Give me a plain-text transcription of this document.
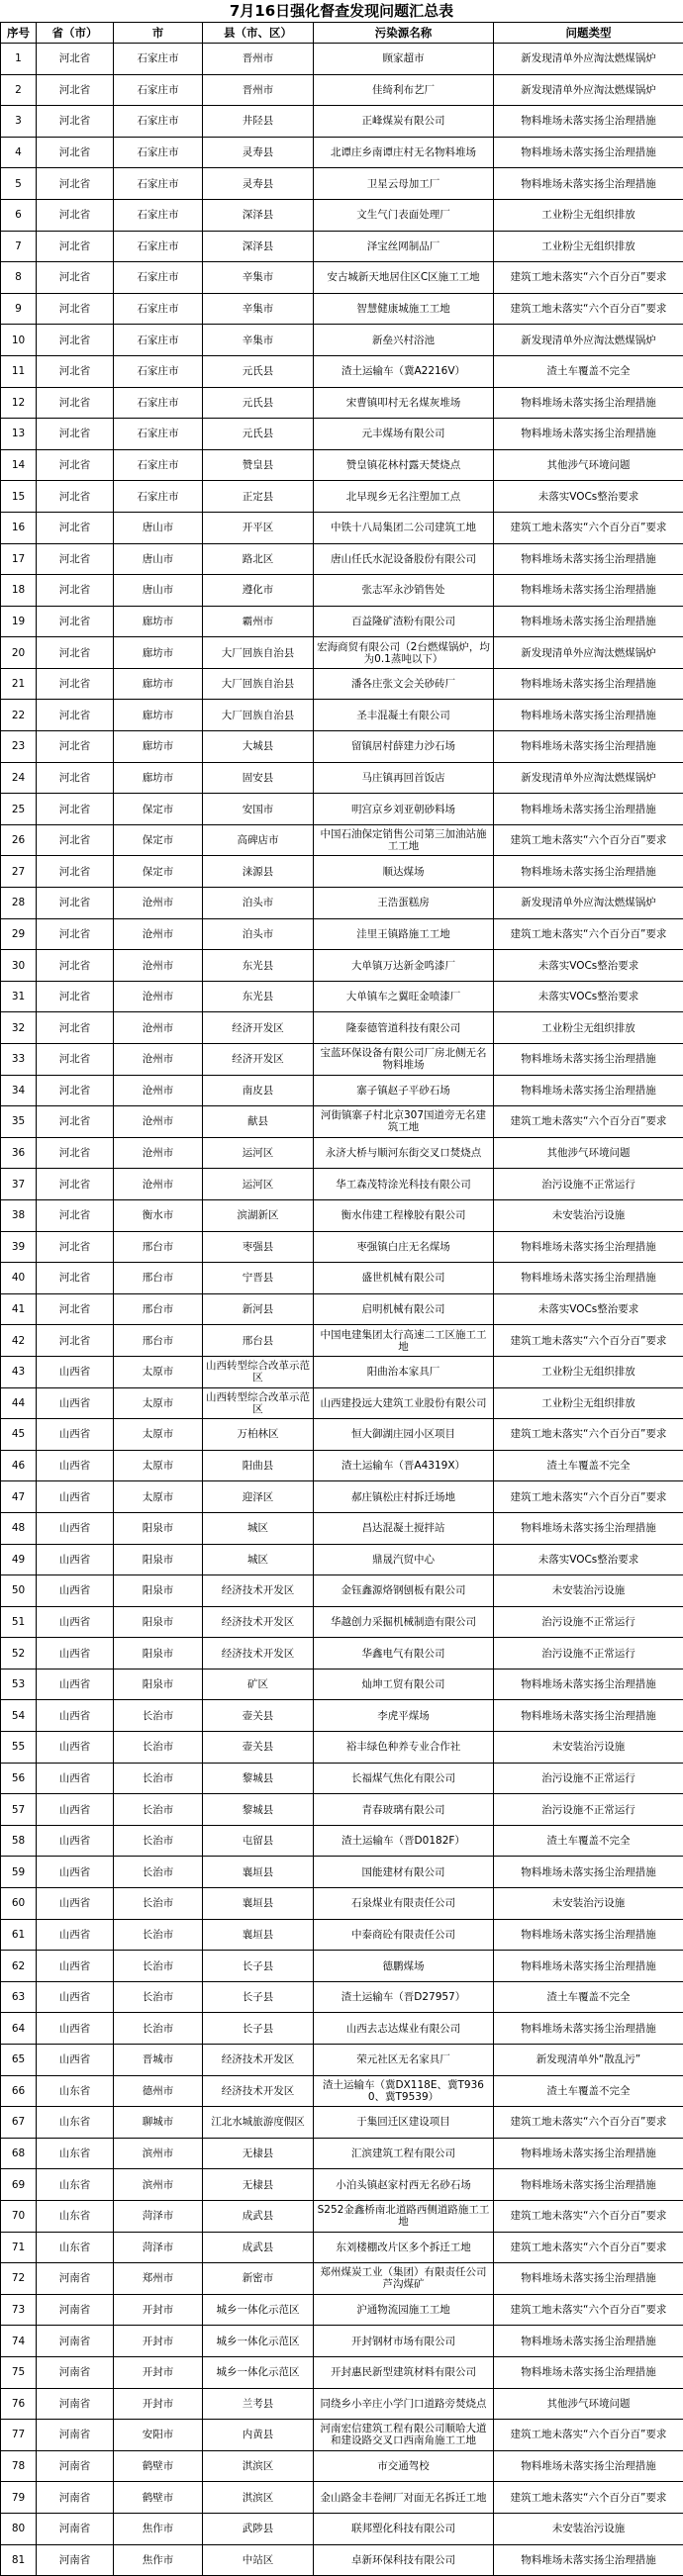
7月16日强化督查发现问题汇总表
序号	省（市）	市	县（市、区）	污染源名称	问题类型
1	河北省	石家庄市	晋州市	顾家超市	新发现清单外应淘汰燃煤锅炉
2	河北省	石家庄市	晋州市	佳绮利布艺厂	新发现清单外应淘汰燃煤锅炉
3	河北省	石家庄市	井陉县	正峰煤炭有限公司	物料堆场未落实扬尘治理措施
4	河北省	石家庄市	灵寿县	北谭庄乡南谭庄村无名物料堆场	物料堆场未落实扬尘治理措施
5	河北省	石家庄市	灵寿县	卫星云母加工厂	物料堆场未落实扬尘治理措施
6	河北省	石家庄市	深泽县	文生气门表面处理厂	工业粉尘无组织排放
7	河北省	石家庄市	深泽县	泽宝丝网制品厂	工业粉尘无组织排放
8	河北省	石家庄市	辛集市	安古城新天地居住区C区施工工地	建筑工地未落实“六个百分百”要求
9	河北省	石家庄市	辛集市	智慧健康城施工工地	建筑工地未落实“六个百分百”要求
10	河北省	石家庄市	辛集市	新垒兴村浴池	新发现清单外应淘汰燃煤锅炉
11	河北省	石家庄市	元氏县	渣土运输车（冀A2216V）	渣土车覆盖不完全
12	河北省	石家庄市	元氏县	宋曹镇叩村无名煤灰堆场	物料堆场未落实扬尘治理措施
13	河北省	石家庄市	元氏县	元丰煤场有限公司	物料堆场未落实扬尘治理措施
14	河北省	石家庄市	赞皇县	赞皇镇花林村露天焚烧点	其他涉气环境问题
15	河北省	石家庄市	正定县	北早现乡无名注塑加工点	未落实VOCs整治要求
16	河北省	唐山市	开平区	中铁十八局集团二公司建筑工地	建筑工地未落实“六个百分百”要求
17	河北省	唐山市	路北区	唐山任氏水泥设备股份有限公司	物料堆场未落实扬尘治理措施
18	河北省	唐山市	遵化市	张志军永沙销售处	物料堆场未落实扬尘治理措施
19	河北省	廊坊市	霸州市	百益隆矿渣粉有限公司	物料堆场未落实扬尘治理措施
20	河北省	廊坊市	大厂回族自治县	宏海商贸有限公司（2台燃煤锅炉，均为0.1蒸吨以下）	新发现清单外应淘汰燃煤锅炉
21	河北省	廊坊市	大厂回族自治县	潘各庄张文会关砂砖厂	物料堆场未落实扬尘治理措施
22	河北省	廊坊市	大厂回族自治县	圣丰混凝土有限公司	物料堆场未落实扬尘治理措施
23	河北省	廊坊市	大城县	留镇居村薛建力沙石场	物料堆场未落实扬尘治理措施
24	河北省	廊坊市	固安县	马庄镇再回首饭店	新发现清单外应淘汰燃煤锅炉
25	河北省	保定市	安国市	明宫京乡刘亚朝砂料场	物料堆场未落实扬尘治理措施
26	河北省	保定市	高碑店市	中国石油保定销售公司第三加油站施工工地	建筑工地未落实“六个百分百”要求
27	河北省	保定市	涞源县	顺达煤场	物料堆场未落实扬尘治理措施
28	河北省	沧州市	泊头市	王浩蛋糕房	新发现清单外应淘汰燃煤锅炉
29	河北省	沧州市	泊头市	洼里王镇路施工工地	建筑工地未落实“六个百分百”要求
30	河北省	沧州市	东光县	大单镇万达新金鸣漆厂	未落实VOCs整治要求
31	河北省	沧州市	东光县	大单镇车之翼旺金喷漆厂	未落实VOCs整治要求
32	河北省	沧州市	经济开发区	隆泰德管道科技有限公司	工业粉尘无组织排放
33	河北省	沧州市	经济开发区	宝蓝环保设备有限公司厂房北侧无名物料堆场	物料堆场未落实扬尘治理措施
34	河北省	沧州市	南皮县	寨子镇赵子平砂石场	物料堆场未落实扬尘治理措施
35	河北省	沧州市	献县	河街镇寨子村北京307国道旁无名建筑工地	建筑工地未落实“六个百分百”要求
36	河北省	沧州市	运河区	永济大桥与顺河东街交叉口焚烧点	其他涉气环境问题
37	河北省	沧州市	运河区	华工森茂特涂光科技有限公司	治污设施不正常运行
38	河北省	衡水市	滨湖新区	衡水伟建工程橡胶有限公司	未安装治污设施
39	河北省	邢台市	枣强县	枣强镇白庄无名煤场	物料堆场未落实扬尘治理措施
40	河北省	邢台市	宁晋县	盛世机械有限公司	物料堆场未落实扬尘治理措施
41	河北省	邢台市	新河县	启明机械有限公司	未落实VOCs整治要求
42	河北省	邢台市	邢台县	中国电建集团太行高速二工区施工工地	建筑工地未落实“六个百分百”要求
43	山西省	太原市	山西转型综合改革示范区	阳曲治本家具厂	工业粉尘无组织排放
44	山西省	太原市	山西转型综合改革示范区	山西建投远大建筑工业股份有限公司	工业粉尘无组织排放
45	山西省	太原市	万柏林区	恒大御湖庄园小区项目	建筑工地未落实“六个百分百”要求
46	山西省	太原市	阳曲县	渣土运输车（晋A4319X）	渣土车覆盖不完全
47	山西省	太原市	迎泽区	郝庄镇松庄村拆迁场地	建筑工地未落实“六个百分百”要求
48	山西省	阳泉市	城区	昌达混凝土搅拌站	物料堆场未落实扬尘治理措施
49	山西省	阳泉市	城区	鼎晟汽贸中心	未落实VOCs整治要求
50	山西省	阳泉市	经济技术开发区	金钰鑫源烙钢刨板有限公司	未安装治污设施
51	山西省	阳泉市	经济技术开发区	华越创力采掘机械制造有限公司	治污设施不正常运行
52	山西省	阳泉市	经济技术开发区	华鑫电气有限公司	治污设施不正常运行
53	山西省	阳泉市	矿区	灿坤工贸有限公司	物料堆场未落实扬尘治理措施
54	山西省	长治市	壶关县	李虎平煤场	物料堆场未落实扬尘治理措施
55	山西省	长治市	壶关县	裕丰绿色种养专业合作社	未安装治污设施
56	山西省	长治市	黎城县	长福煤气焦化有限公司	治污设施不正常运行
57	山西省	长治市	黎城县	青春玻璃有限公司	治污设施不正常运行
58	山西省	长治市	屯留县	渣土运输车（晋D0182F）	渣土车覆盖不完全
59	山西省	长治市	襄垣县	国能建材有限公司	物料堆场未落实扬尘治理措施
60	山西省	长治市	襄垣县	石泉煤业有限责任公司	未安装治污设施
61	山西省	长治市	襄垣县	中泰商砼有限责任公司	物料堆场未落实扬尘治理措施
62	山西省	长治市	长子县	德鹏煤场	物料堆场未落实扬尘治理措施
63	山西省	长治市	长子县	渣土运输车（晋D27957）	渣土车覆盖不完全
64	山西省	长治市	长子县	山西去志达煤业有限公司	物料堆场未落实扬尘治理措施
65	山西省	晋城市	经济技术开发区	荣元社区无名家具厂	新发现清单外“散乱污”
66	山东省	德州市	经济技术开发区	渣土运输车（冀DX118E、冀T9360、冀T9539）	渣土车覆盖不完全
67	山东省	聊城市	江北水城旅游度假区	于集回迁区建设项目	建筑工地未落实“六个百分百”要求
68	山东省	滨州市	无棣县	汇滨建筑工程有限公司	物料堆场未落实扬尘治理措施
69	山东省	滨州市	无棣县	小泊头镇赵家村西无名砂石场	物料堆场未落实扬尘治理措施
70	山东省	菏泽市	成武县	S252金鑫桥南北道路西侧道路施工工地	建筑工地未落实“六个百分百”要求
71	山东省	菏泽市	成武县	东刘楼棚改片区多个拆迁工地	建筑工地未落实“六个百分百”要求
72	河南省	郑州市	新密市	郑州煤炭工业（集团）有限责任公司芦沟煤矿	物料堆场未落实扬尘治理措施
73	河南省	开封市	城乡一体化示范区	沪通物流园施工工地	建筑工地未落实“六个百分百”要求
74	河南省	开封市	城乡一体化示范区	开封钢材市场有限公司	物料堆场未落实扬尘治理措施
75	河南省	开封市	城乡一体化示范区	开封惠民新型建筑材料有限公司	物料堆场未落实扬尘治理措施
76	河南省	开封市	兰考县	同绕乡小辛庄小学门口道路旁焚烧点	其他涉气环境问题
77	河南省	安阳市	内黄县	河南宏信建筑工程有限公司顺哈大道和建设路交叉口西南角施工工地	建筑工地未落实“六个百分百”要求
78	河南省	鹤壁市	淇滨区	市交通驾校	物料堆场未落实扬尘治理措施
79	河南省	鹤壁市	淇滨区	金山路金丰卷闸厂对面无名拆迁工地	建筑工地未落实“六个百分百”要求
80	河南省	焦作市	武陟县	联邦塑化科技有限公司	未安装治污设施
81	河南省	焦作市	中站区	卓新环保科技有限公司	物料堆场未落实扬尘治理措施
